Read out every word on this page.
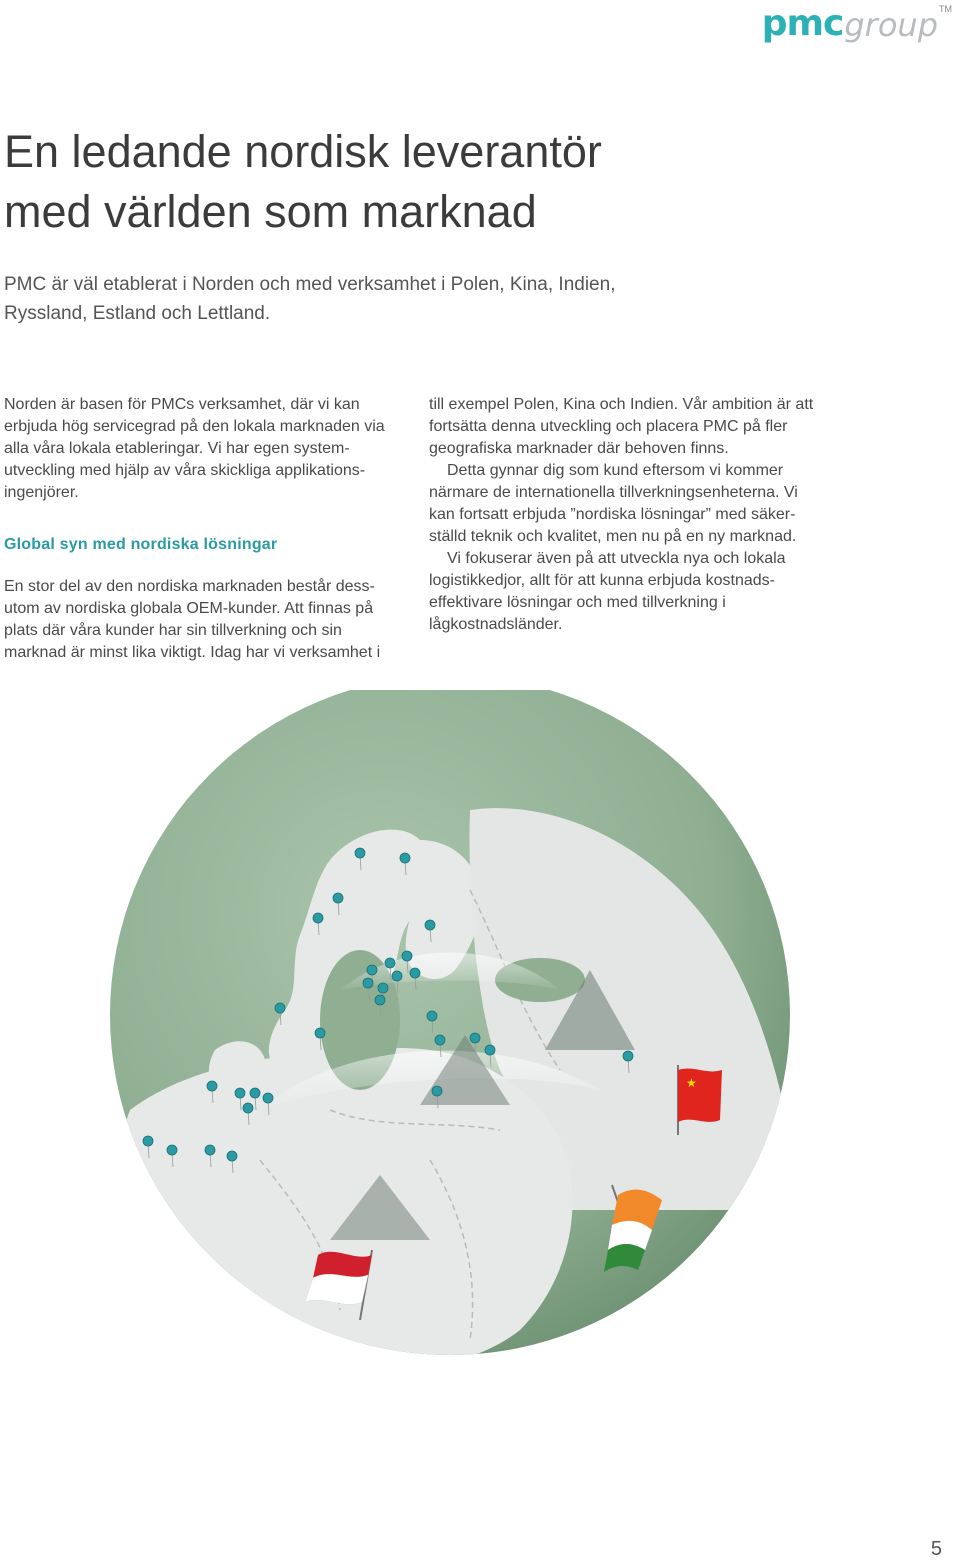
pmc group TM
En ledande nordisk leverantör
med världen som marknad

PMC är väl etablerat i Norden och med verksamhet i Polen, Kina, Indien, Ryssland, Estland och Lettland.

Norden är basen för PMCs verksamhet, där vi kan erbjuda hög servicegrad på den lokala marknaden via alla våra lokala etableringar. Vi har egen system-utveckling med hjälp av våra skickliga applikations-ingenjörer.

Global syn med nordiska lösningar

En stor del av den nordiska marknaden består dess-utom av nordiska globala OEM-kunder. Att finnas på plats där våra kunder har sin tillverkning och sin marknad är minst lika viktigt. Idag har vi verksamhet i

till exempel Polen, Kina och Indien. Vår ambition är att fortsätta denna utveckling och placera PMC på fler geografiska marknader där behoven finns.

Detta gynnar dig som kund eftersom vi kommer närmare de internationella tillverkningsenheterna. Vi kan fortsatt erbjuda ”nordiska lösningar” med säker-ställd teknik och kvalitet, men nu på en ny marknad.

Vi fokuserar även på att utveckla nya och lokala logistikkedjor, allt för att kunna erbjuda kostnads-effektivare lösningar och med tillverkning i lågkostnadsländer.

★
5
